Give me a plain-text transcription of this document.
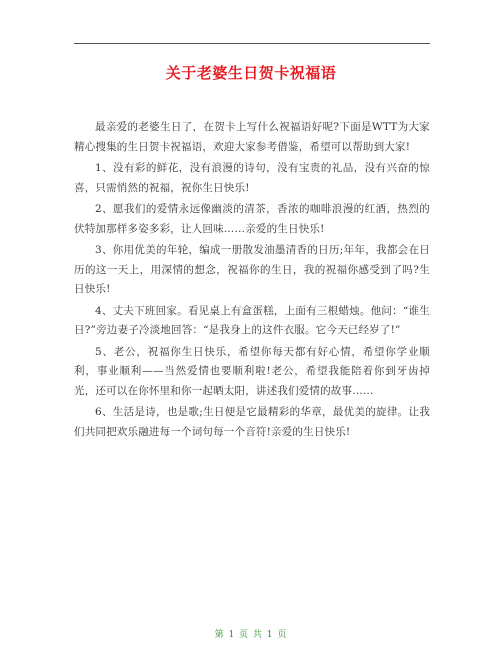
关于老婆生日贺卡祝福语

最亲爱的老婆生日了，在贺卡上写什么祝福语好呢?下面是WTT为大家精心搜集的生日贺卡祝福语，欢迎大家参考借鉴，希望可以帮助到大家!

1、没有彩的鲜花，没有浪漫的诗句，没有宝贵的礼品，没有兴奋的惊喜，只需悄然的祝福，祝你生日快乐!

2、愿我们的爱情永远像幽淡的清茶，香浓的咖啡浪漫的红酒，热烈的伏特加那样多姿多彩，让人回味……亲爱的生日快乐!

3、你用优美的年轮，编成一册散发油墨清香的日历;年年，我都会在日历的这一天上，用深情的想念，祝福你的生日，我的祝福你感受到了吗?生日快乐!

4、丈夫下班回家。看见桌上有盒蛋糕，上面有三根蜡烛。他问：“谁生日?”旁边妻子冷淡地回答：“是我身上的这件衣服。它今天已经岁了!”

5、老公，祝福你生日快乐，希望你每天都有好心情，希望你学业顺利，事业顺利——当然爱情也要顺利啦!老公，希望我能陪着你到牙齿掉光，还可以在你怀里和你一起晒太阳，讲述我们爱情的故事……

6、生活是诗，也是歌;生日便是它最精彩的华章，最优美的旋律。让我们共同把欢乐融进每一个词句每一个音符!亲爱的生日快乐!

第 1 页 共 1 页
